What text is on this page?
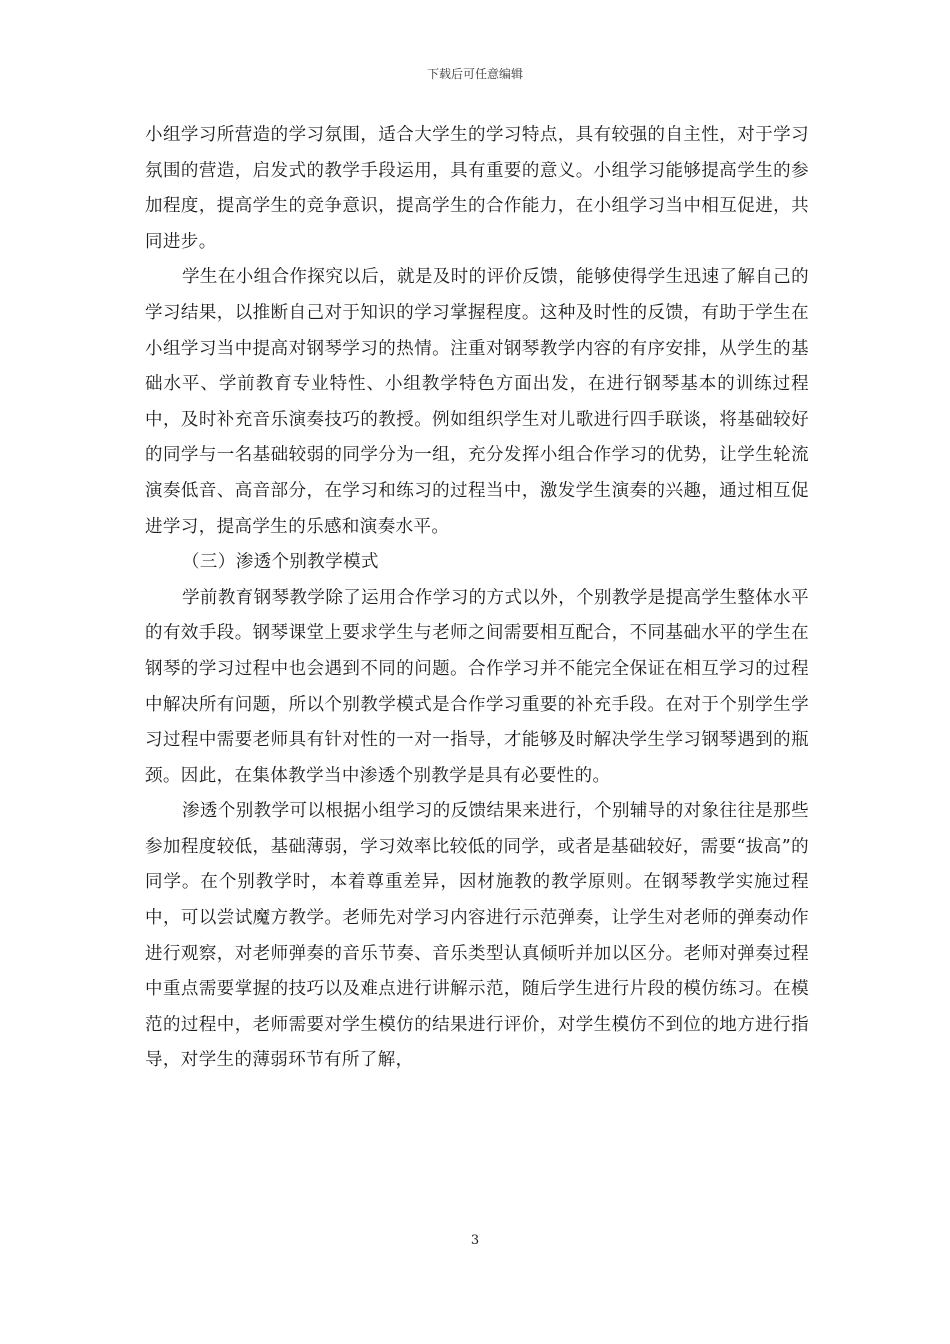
下载后可任意编辑

小组学习所营造的学习氛围，适合大学生的学习特点，具有较强的自主性，对于学习氛围的营造，启发式的教学手段运用，具有重要的意义。小组学习能够提高学生的参加程度，提高学生的竞争意识，提高学生的合作能力，在小组学习当中相互促进，共同进步。

学生在小组合作探究以后，就是及时的评价反馈，能够使得学生迅速了解自己的学习结果，以推断自己对于知识的学习掌握程度。这种及时性的反馈，有助于学生在小组学习当中提高对钢琴学习的热情。注重对钢琴教学内容的有序安排，从学生的基础水平、学前教育专业特性、小组教学特色方面出发，在进行钢琴基本的训练过程中，及时补充音乐演奏技巧的教授。例如组织学生对儿歌进行四手联谈，将基础较好的同学与一名基础较弱的同学分为一组，充分发挥小组合作学习的优势，让学生轮流演奏低音、高音部分，在学习和练习的过程当中，激发学生演奏的兴趣，通过相互促进学习，提高学生的乐感和演奏水平。

（三）渗透个别教学模式

学前教育钢琴教学除了运用合作学习的方式以外，个别教学是提高学生整体水平的有效手段。钢琴课堂上要求学生与老师之间需要相互配合，不同基础水平的学生在钢琴的学习过程中也会遇到不同的问题。合作学习并不能完全保证在相互学习的过程中解决所有问题，所以个别教学模式是合作学习重要的补充手段。在对于个别学生学习过程中需要老师具有针对性的一对一指导，才能够及时解决学生学习钢琴遇到的瓶颈。因此，在集体教学当中渗透个别教学是具有必要性的。

渗透个别教学可以根据小组学习的反馈结果来进行，个别辅导的对象往往是那些参加程度较低，基础薄弱，学习效率比较低的同学，或者是基础较好，需要“拔高”的同学。在个别教学时，本着尊重差异，因材施教的教学原则。在钢琴教学实施过程中，可以尝试魔方教学。老师先对学习内容进行示范弹奏，让学生对老师的弹奏动作进行观察，对老师弹奏的音乐节奏、音乐类型认真倾听并加以区分。老师对弹奏过程中重点需要掌握的技巧以及难点进行讲解示范，随后学生进行片段的模仿练习。在模范的过程中，老师需要对学生模仿的结果进行评价，对学生模仿不到位的地方进行指导，对学生的薄弱环节有所了解，

3
